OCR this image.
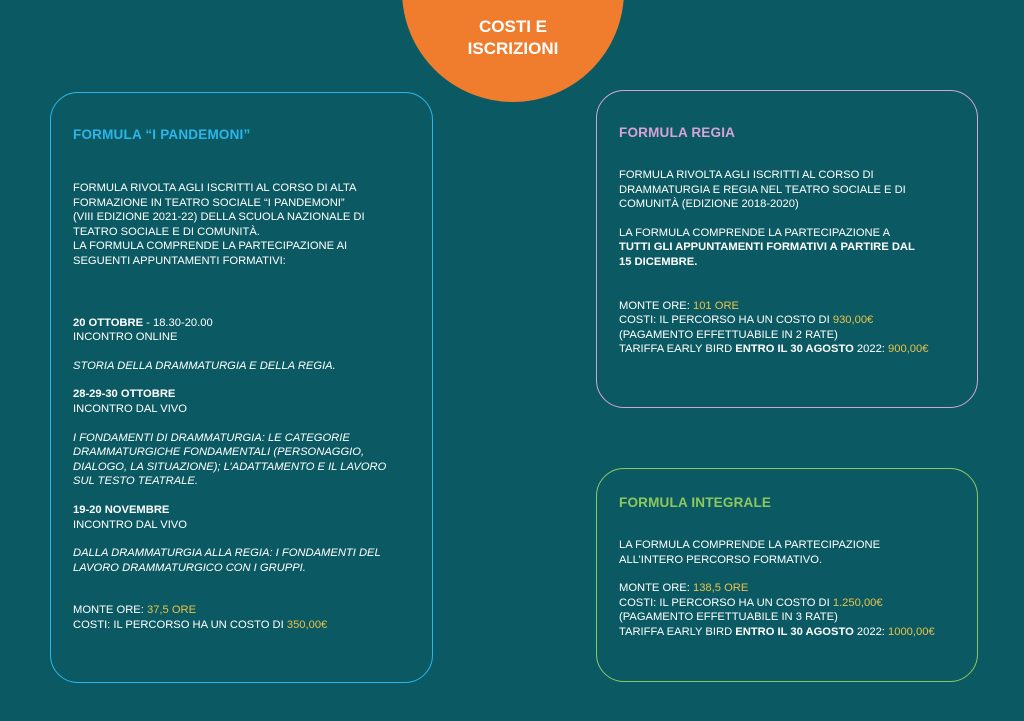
COSTI E
ISCRIZIONI
FORMULA “I PANDEMONI”

FORMULA RIVOLTA AGLI ISCRITTI AL CORSO DI ALTA
FORMAZIONE IN TEATRO SOCIALE “I PANDEMONI”
(VIII EDIZIONE 2021-22) DELLA SCUOLA NAZIONALE DI
TEATRO SOCIALE E DI COMUNITÀ.
LA FORMULA COMPRENDE LA PARTECIPAZIONE AI
SEGUENTI APPUNTAMENTI FORMATIVI:

20 OTTOBRE - 18.30-20.00

INCONTRO ONLINE

STORIA DELLA DRAMMATURGIA E DELLA REGIA.

28-29-30 OTTOBRE

INCONTRO DAL VIVO

I FONDAMENTI DI DRAMMATURGIA: LE CATEGORIE
DRAMMATURGICHE FONDAMENTALI (PERSONAGGIO,
DIALOGO, LA SITUAZIONE); L’ADATTAMENTO E IL LAVORO
SUL TESTO TEATRALE.

19-20 NOVEMBRE

INCONTRO DAL VIVO

DALLA DRAMMATURGIA ALLA REGIA: I FONDAMENTI DEL
LAVORO DRAMMATURGICO CON I GRUPPI.

MONTE ORE: 37,5 ORE

COSTI: IL PERCORSO HA UN COSTO DI 350,00€

FORMULA REGIA

FORMULA RIVOLTA AGLI ISCRITTI AL CORSO DI
DRAMMATURGIA E REGIA NEL TEATRO SOCIALE E DI
COMUNITÀ (EDIZIONE 2018-2020)

LA FORMULA COMPRENDE LA PARTECIPAZIONE A

TUTTI GLI APPUNTAMENTI FORMATIVI A PARTIRE DAL
15 DICEMBRE.

MONTE ORE: 101 ORE

COSTI: IL PERCORSO HA UN COSTO DI 930,00€

(PAGAMENTO EFFETTUABILE IN 2 RATE)

TARIFFA EARLY BIRD ENTRO IL 30 AGOSTO 2022: 900,00€

FORMULA INTEGRALE

LA FORMULA COMPRENDE LA PARTECIPAZIONE
ALL’INTERO PERCORSO FORMATIVO.

MONTE ORE: 138,5 ORE

COSTI: IL PERCORSO HA UN COSTO DI 1.250,00€

(PAGAMENTO EFFETTUABILE IN 3 RATE)

TARIFFA EARLY BIRD ENTRO IL 30 AGOSTO 2022: 1000,00€
